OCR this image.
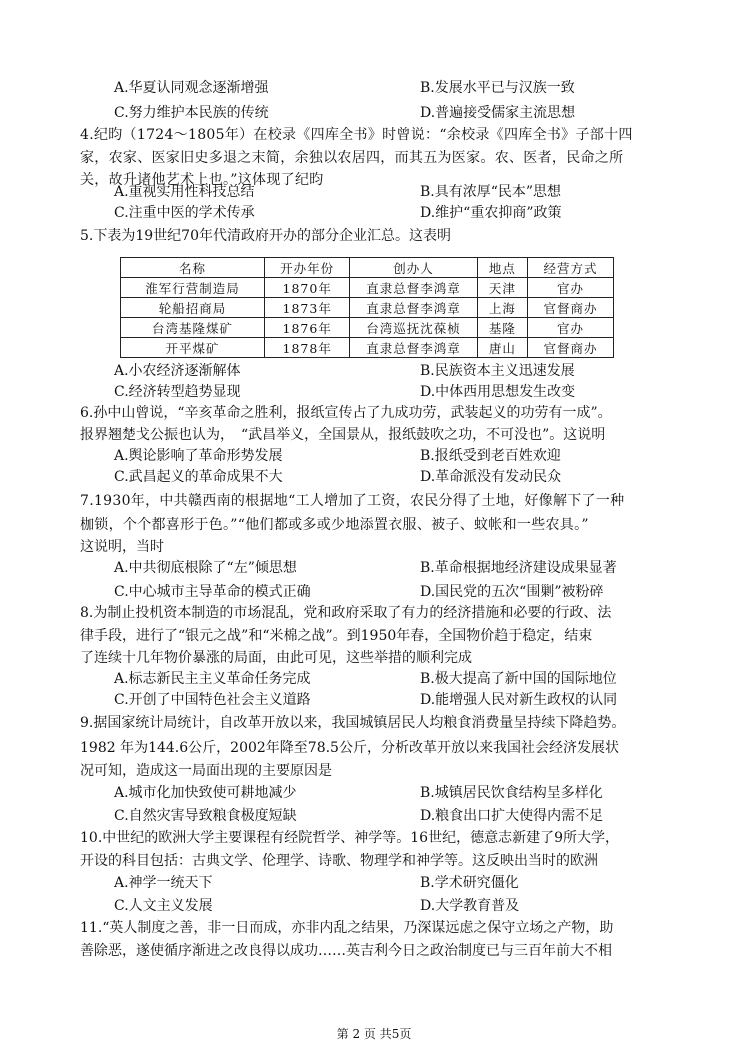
A.华夏认同观念逐渐增强	B.发展水平已与汉族一致
C.努力维护本民族的传统	D.普遍接受儒家主流思想
4.纪昀（1724～1805年）在校录《四库全书》时曾说：“余校录《四库全书》子部十四
家，农家、医家旧史多退之末简，余独以农居四，而其五为医家。农、医者，民命之所
关，故升诸他艺术上也。”这体现了纪昀
A.重视实用性科技总结	B.具有浓厚“民本”思想
C.注重中医的学术传承	D.维护“重农抑商”政策
5.下表为19世纪70年代清政府开办的部分企业汇总。这表明
名称	开办年份	创办人	地点	经营方式
淮军行营制造局	1870年	直隶总督李鸿章	天津	官办
轮船招商局	1873年	直隶总督李鸿章	上海	官督商办
台湾基隆煤矿	1876年	台湾巡抚沈葆桢	基隆	官办
开平煤矿	1878年	直隶总督李鸿章	唐山	官督商办
A.小农经济逐渐解体	B.民族资本主义迅速发展
C.经济转型趋势显现	D.中体西用思想发生改变
6.孙中山曾说，“辛亥革命之胜利，报纸宣传占了九成功劳，武装起义的功劳有一成”。
报界翘楚戈公振也认为，　“武昌举义，全国景从，报纸鼓吹之功，不可没也”。这说明
A.舆论影响了革命形势发展	B.报纸受到老百姓欢迎
C.武昌起义的革命成果不大	D.革命派没有发动民众
7.1930年，中共赣西南的根据地“工人增加了工资，农民分得了土地，好像解下了一种
枷锁，个个都喜形于色。”“他们都或多或少地添置衣服、被子、蚊帐和一些农具。”
这说明，当时
A.中共彻底根除了“左”倾思想	B.革命根据地经济建设成果显著
C.中心城市主导革命的模式正确	D.国民党的五次“围剿”被粉碎
8.为制止投机资本制造的市场混乱，党和政府采取了有力的经济措施和必要的行政、法
律手段，进行了“银元之战”和“米棉之战”。到1950年春，全国物价趋于稳定，结束
了连续十几年物价暴涨的局面，由此可见，这些举措的顺利完成
A.标志新民主主义革命任务完成	B.极大提高了新中国的国际地位
C.开创了中国特色社会主义道路	D.能增强人民对新生政权的认同
9.据国家统计局统计，自改革开放以来，我国城镇居民人均粮食消费量呈持续下降趋势。
1982 年为144.6公斤，2002年降至78.5公斤，分析改革开放以来我国社会经济发展状
况可知，造成这一局面出现的主要原因是
A.城市化加快致使可耕地减少	B.城镇居民饮食结构呈多样化
C.自然灾害导致粮食极度短缺	D.粮食出口扩大使得内需不足
10.中世纪的欧洲大学主要课程有经院哲学、神学等。16世纪，德意志新建了9所大学，
开设的科目包括：古典文学、伦理学、诗歌、物理学和神学等。这反映出当时的欧洲
A.神学一统天下	B.学术研究僵化
C.人文主义发展	D.大学教育普及
11.“英人制度之善，非一日而成，亦非内乱之结果，乃深谋远虑之保守立场之产物，助
善除恶，遂使循序渐进之改良得以成功……英吉利今日之政治制度已与三百年前大不相
第 2 页 共5页
